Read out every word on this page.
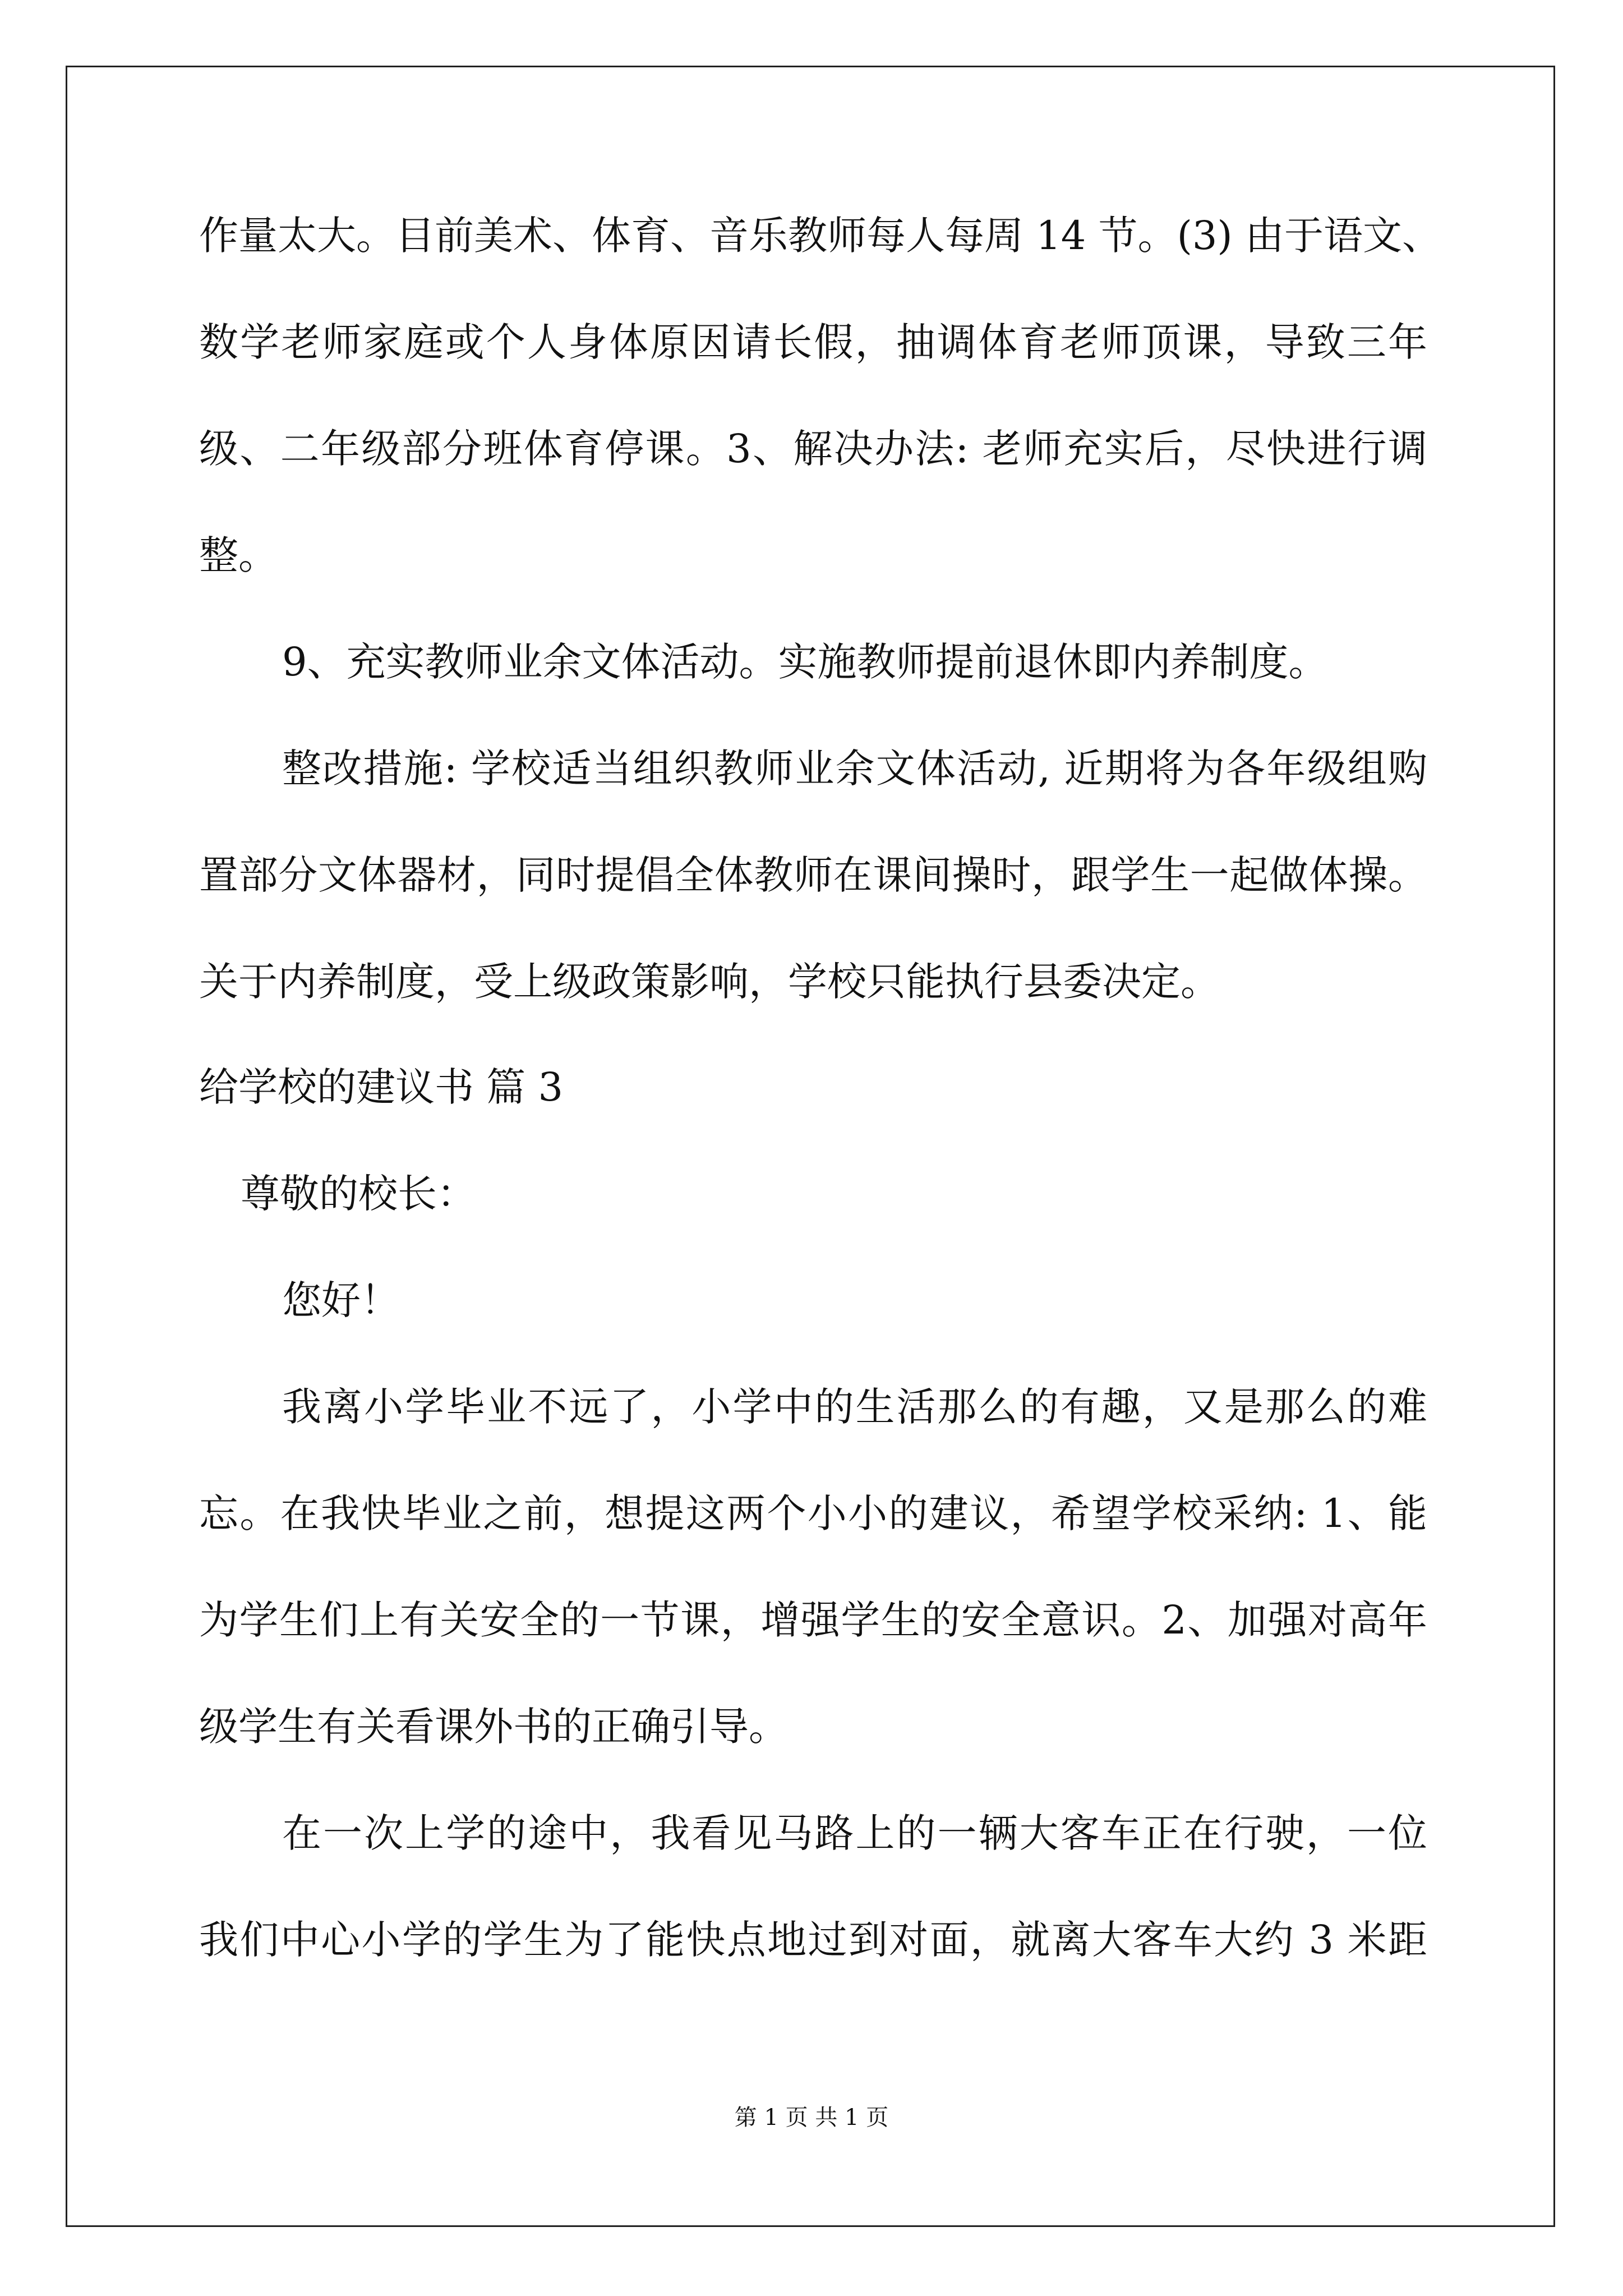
作量太大。目前美术、体育、音乐教师每人每周 14 节。(3) 由于语文、
数学老师家庭或个人身体原因请长假，抽调体育老师顶课，导致三年
级、二年级部分班体育停课。3、解决办法: 老师充实后，尽快进行调
整。
9、充实教师业余文体活动。实施教师提前退休即内养制度。
整改措施: 学校适当组织教师业余文体活动, 近期将为各年级组购
置部分文体器材，同时提倡全体教师在课间操时，跟学生一起做体操。
关于内养制度，受上级政策影响，学校只能执行县委决定。
给学校的建议书 篇 3
尊敬的校长：
您好！
我离小学毕业不远了，小学中的生活那么的有趣，又是那么的难
忘。在我快毕业之前，想提这两个小小的建议，希望学校采纳: 1、能
为学生们上有关安全的一节课，增强学生的安全意识。2、加强对高年
级学生有关看课外书的正确引导。
在一次上学的途中，我看见马路上的一辆大客车正在行驶，一位
我们中心小学的学生为了能快点地过到对面，就离大客车大约 3 米距
第 1 页 共 1 页
